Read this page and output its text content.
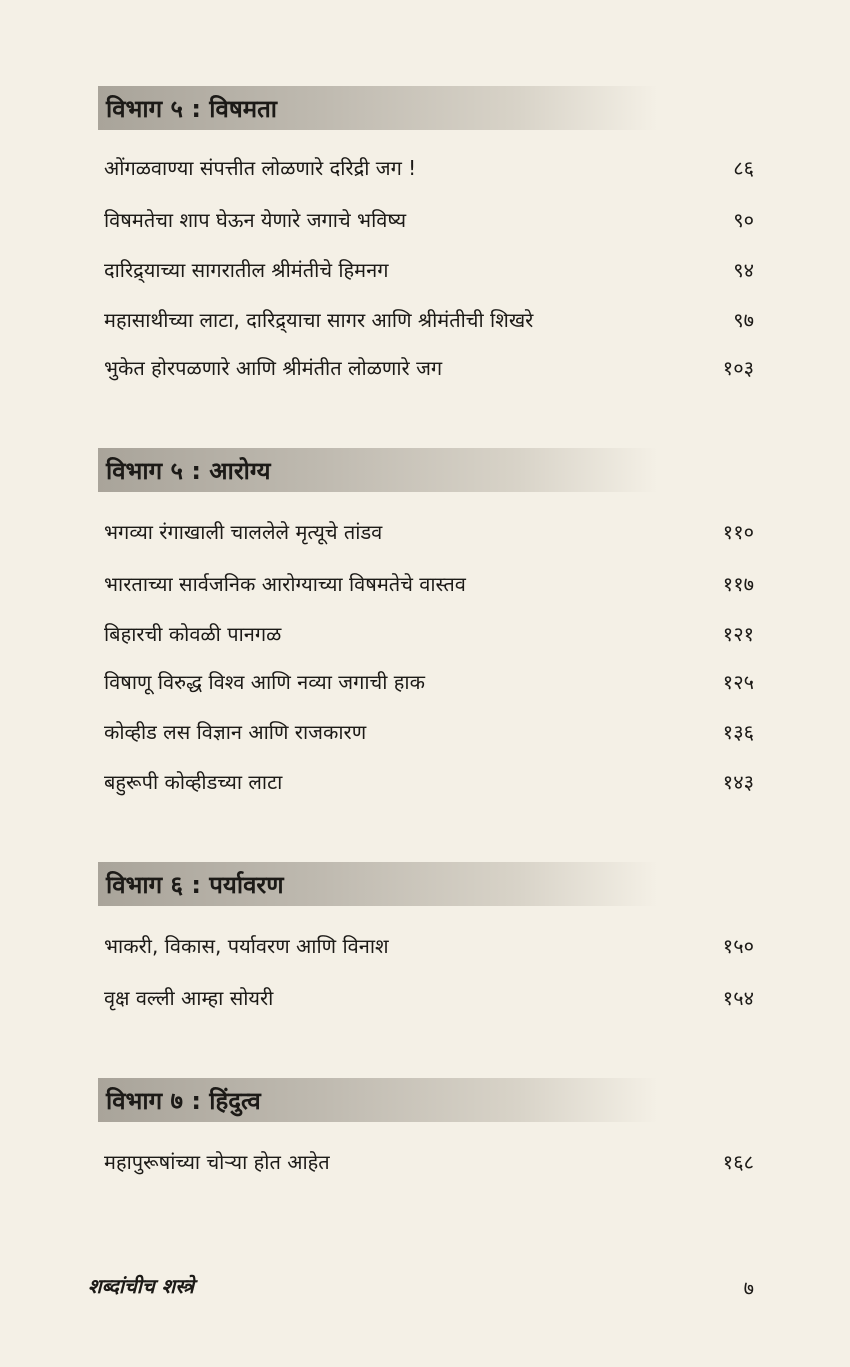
विभाग ५ : विषमता
ओंगळवाण्या संपत्तीत लोळणारे दरिद्री जग !	८६
विषमतेचा शाप घेऊन येणारे जगाचे भविष्य	९०
दारिद्र्याच्या सागरातील श्रीमंतीचे हिमनग	९४
महासाथीच्या लाटा, दारिद्र्याचा सागर आणि श्रीमंतीची शिखरे	९७
भुकेत होरपळणारे आणि श्रीमंतीत लोळणारे जग	१०३
विभाग ५ : आरोग्य
भगव्या रंगाखाली चाललेले मृत्यूचे तांडव	११०
भारताच्या सार्वजनिक आरोग्याच्या विषमतेचे वास्तव	११७
बिहारची कोवळी पानगळ	१२१
विषाणू विरुद्ध विश्व आणि नव्या जगाची हाक	१२५
कोव्हीड लस विज्ञान आणि राजकारण	१३६
बहुरूपी कोव्हीडच्या लाटा	१४३
विभाग ६ : पर्यावरण
भाकरी, विकास, पर्यावरण आणि विनाश	१५०
वृक्ष वल्ली आम्हा सोयरी	१५४
विभाग ७ : हिंदुत्व
महापुरूषांच्या चोऱ्या होत आहेत	१६८
शब्दांचीच शस्त्रे	७
